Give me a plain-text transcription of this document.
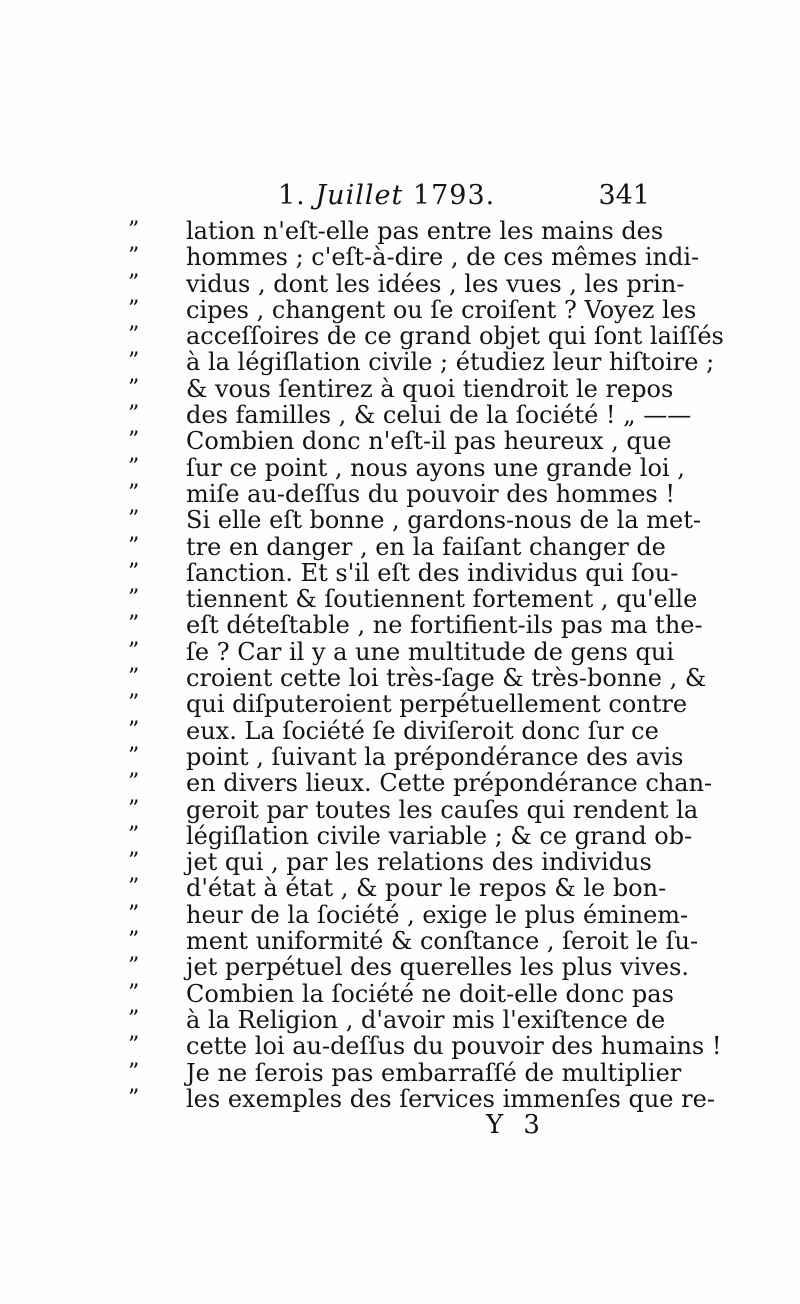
1. Juillet 1793.	341
”	lation n'eſt-elle pas entre les mains des
”	hommes ; c'eſt-à-dire , de ces mêmes indi-
”	vidus , dont les idées , les vues , les prin-
”	cipes , changent ou ſe croiſent ? Voyez les
”	acceſſoires de ce grand objet qui ſont laiſſés
”	à la légiſlation civile ; étudiez leur hiſtoire ;
”	& vous ſentirez à quoi tiendroit le repos
”	des familles , & celui de la ſociété ! „ ——
”	Combien donc n'eſt-il pas heureux , que
”	ſur ce point , nous ayons une grande loi ,
”	miſe au-deſſus du pouvoir des hommes !
”	Si elle eſt bonne , gardons-nous de la met-
”	tre en danger , en la faiſant changer de
”	ſanction. Et s'il eſt des individus qui ſou-
”	tiennent & ſoutiennent fortement , qu'elle
”	eſt déteſtable , ne fortifient-ils pas ma the-
”	ſe ? Car il y a une multitude de gens qui
”	croient cette loi très-ſage & très-bonne , &
”	qui diſputeroient perpétuellement contre
”	eux. La ſociété ſe diviſeroit donc ſur ce
”	point , ſuivant la prépondérance des avis
”	en divers lieux. Cette prépondérance chan-
”	geroit par toutes les cauſes qui rendent la
”	légiſlation civile variable ; & ce grand ob-
”	jet qui , par les relations des individus
”	d'état à état , & pour le repos & le bon-
”	heur de la ſociété , exige le plus éminem-
”	ment uniformité & conſtance , ſeroit le ſu-
”	jet perpétuel des querelles les plus vives.
”	Combien la ſociété ne doit-elle donc pas
”	à la Religion , d'avoir mis l'exiſtence de
”	cette loi au-deſſus du pouvoir des humains !
”	Je ne ſerois pas embarraſſé de multiplier
”	les exemples des ſervices immenſes que re-
Y 3
